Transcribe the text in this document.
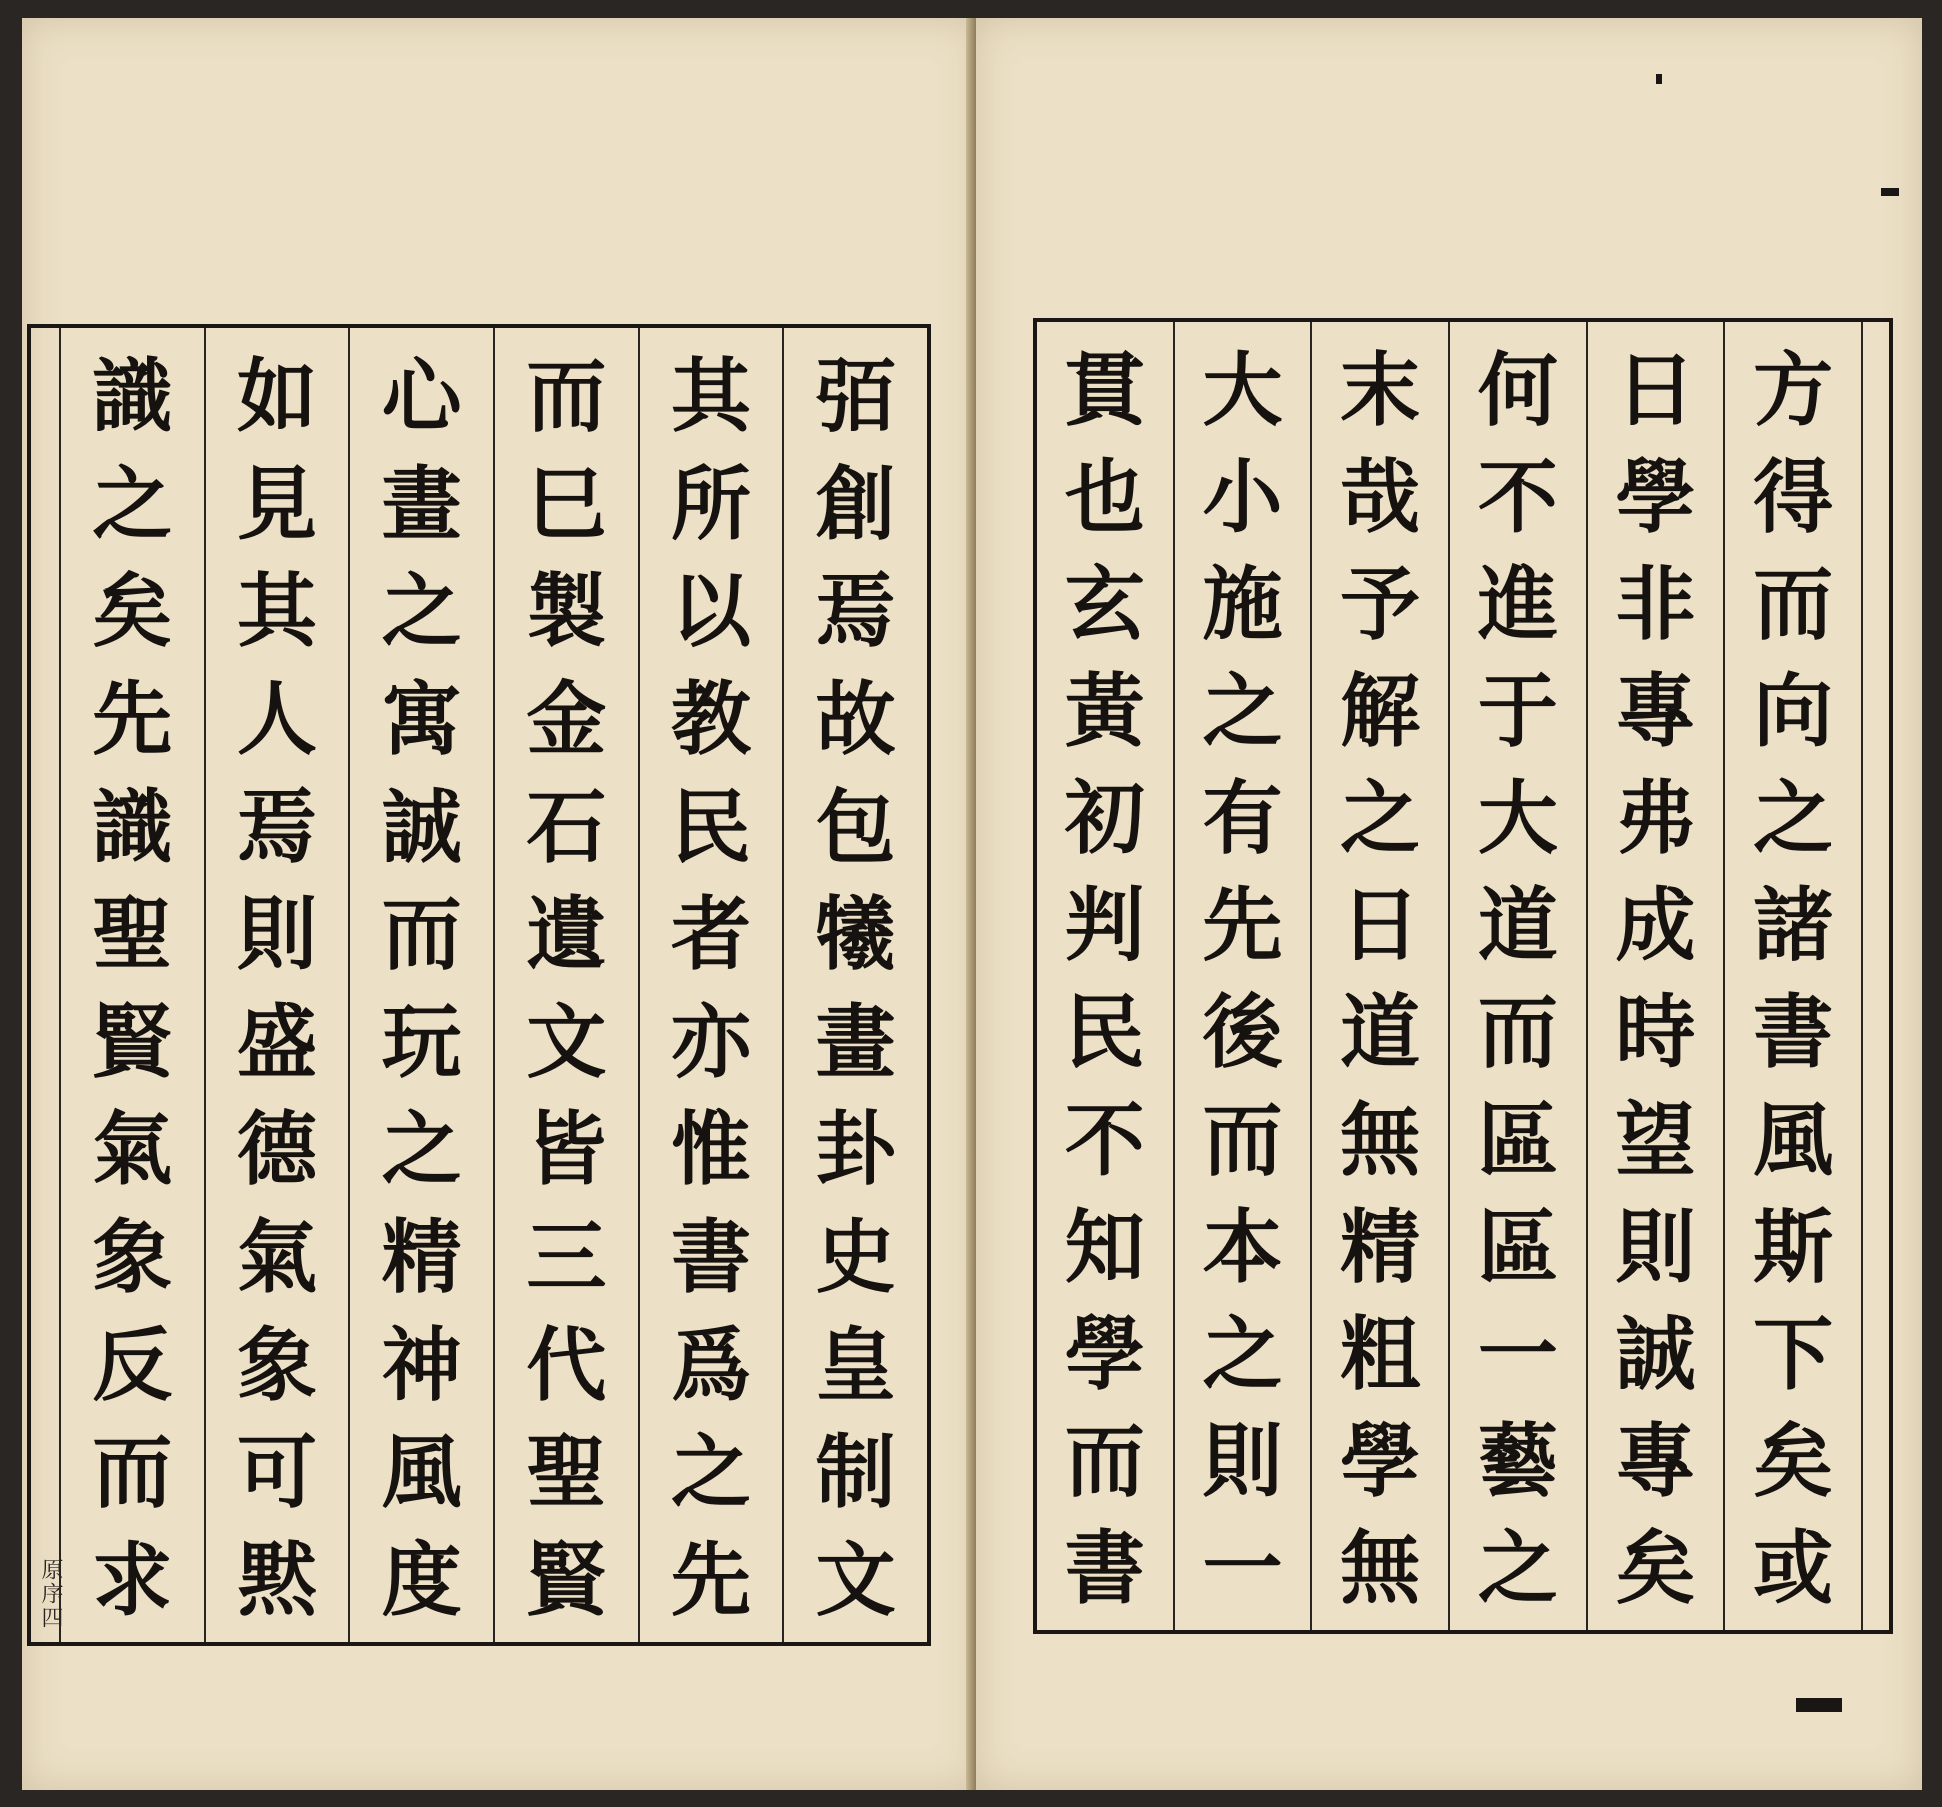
㢶
創
焉
故
包
犧
畫
卦
史
皇
制
文
其
所
以
教
民
者
亦
惟
書
爲
之
先
而
巳
製
金
石
遺
文
皆
三
代
聖
賢
心
畫
之
寓
誠
而
玩
之
精
神
風
度
如
見
其
人
焉
則
盛
德
氣
象
可
黙
識
之
矣
先
識
聖
賢
氣
象
反
而
求
原序四
方
得
而
向
之
諸
書
風
斯
下
矣
或
日
學
非
專
弗
成
時
望
則
誠
專
矣
何
不
進
于
大
道
而
區
區
一
藝
之
末
哉
予
解
之
日
道
無
精
粗
學
無
大
小
施
之
有
先
後
而
本
之
則
一
貫
也
玄
黃
初
判
民
不
知
學
而
書
